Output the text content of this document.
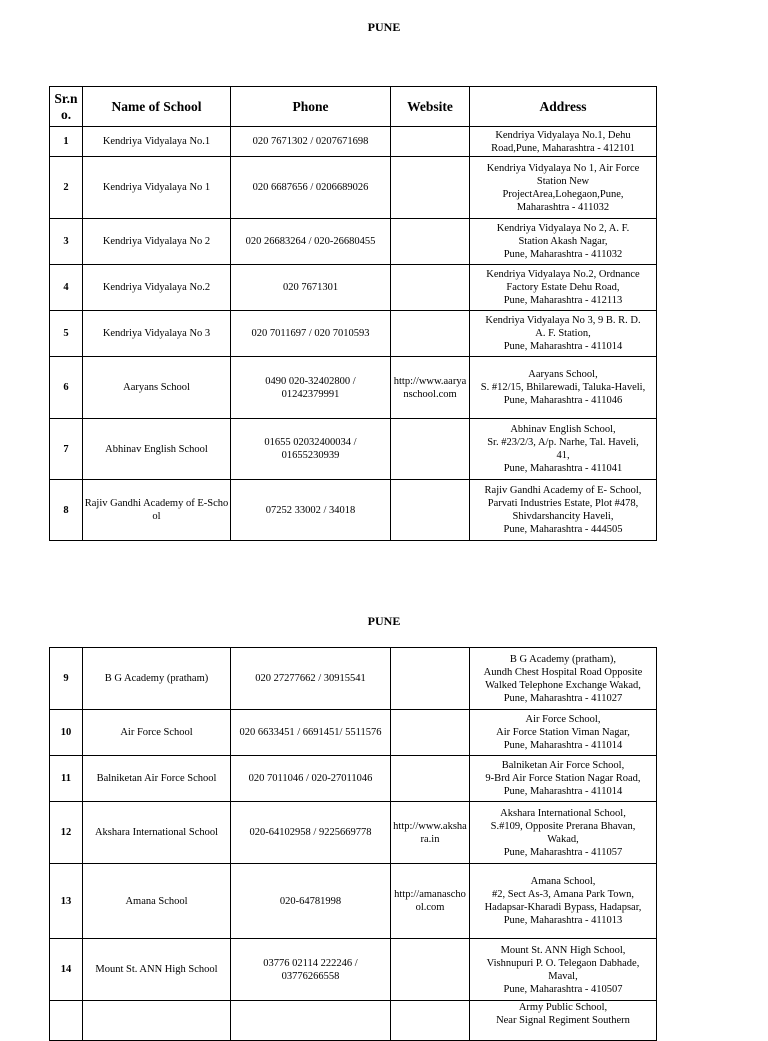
PUNE
Sr.no.	Name of School	Phone	Website	Address
1	Kendriya Vidyalaya No.1	020 7671302 / 0207671698		Kendriya Vidyalaya No.1, Dehu
Road,Pune, Maharashtra - 412101
2	Kendriya Vidyalaya No 1	020 6687656 / 0206689026		Kendriya Vidyalaya No 1, Air Force
Station New
ProjectArea,Lohegaon,Pune,
Maharashtra - 411032
3	Kendriya Vidyalaya No 2	020 26683264 / 020-26680455		Kendriya Vidyalaya No 2, A. F.
Station Akash Nagar,
Pune, Maharashtra - 411032
4	Kendriya Vidyalaya No.2	020 7671301		Kendriya Vidyalaya No.2, Ordnance
Factory Estate Dehu Road,
Pune, Maharashtra - 412113
5	Kendriya Vidyalaya No 3	020 7011697 / 020 7010593		Kendriya Vidyalaya No 3, 9 B. R. D.
A. F. Station,
Pune, Maharashtra - 411014
6	Aaryans School	0490 020-32402800 /
01242379991	http://www.aaryanschool.com	Aaryans School,
S. #12/15, Bhilarewadi, Taluka-Haveli,
Pune, Maharashtra - 411046
7	Abhinav English School	01655 02032400034 /
01655230939		Abhinav English School,
Sr. #23/2/3, A/p. Narhe, Tal. Haveli,
41,
Pune, Maharashtra - 411041
8	Rajiv Gandhi Academy of E-School	07252 33002 / 34018		Rajiv Gandhi Academy of E- School,
Parvati Industries Estate, Plot #478,
Shivdarshancity Haveli,
Pune, Maharashtra - 444505
PUNE
9	B G Academy (pratham)	020 27277662 / 30915541		B G Academy (pratham),
Aundh Chest Hospital Road Opposite
Walked Telephone Exchange Wakad,
Pune, Maharashtra - 411027
10	Air Force School	020 6633451 / 6691451/ 5511576		Air Force School,
Air Force Station Viman Nagar,
Pune, Maharashtra - 411014
11	Balniketan Air Force School	020 7011046 / 020-27011046		Balniketan Air Force School,
9-Brd Air Force Station Nagar Road,
Pune, Maharashtra - 411014
12	Akshara International School	020-64102958 / 9225669778	http://www.akshara.in	Akshara International School,
S.#109, Opposite Prerana Bhavan,
Wakad,
Pune, Maharashtra - 411057
13	Amana School	020-64781998	http://amanaschool.com	Amana School,
#2, Sect As-3, Amana Park Town,
Hadapsar-Kharadi Bypass, Hadapsar,
Pune, Maharashtra - 411013
14	Mount St. ANN High School	03776 02114 222246 /
03776266558		Mount St. ANN High School,
Vishnupuri P. O. Telegaon Dabhade,
Maval,
Pune, Maharashtra - 410507
				Army Public School,
Near Signal Regiment Southern
